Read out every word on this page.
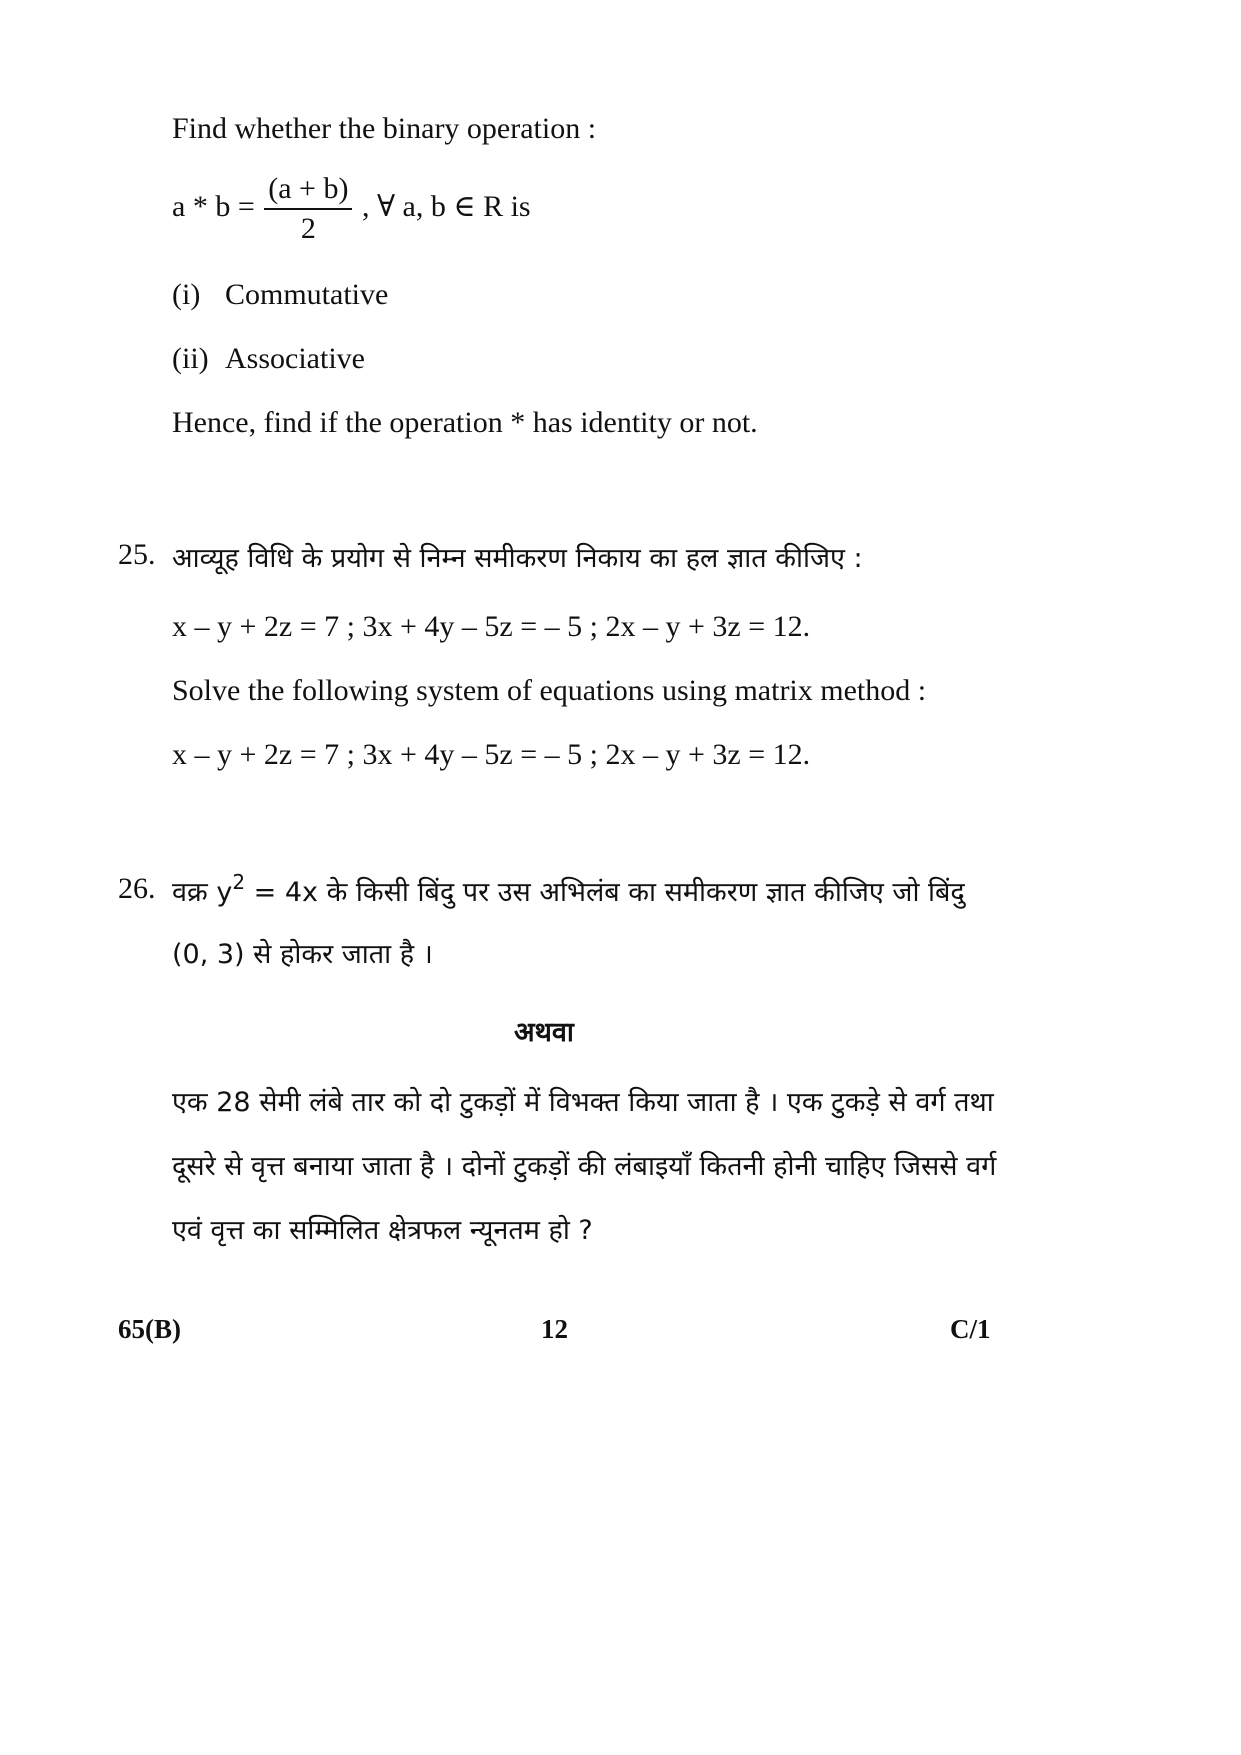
Find whether the binary operation :
$a * b = \frac{(a + b)}{2}$ , ∀ a, b ∈ R is
(i) Commutative
(ii) Associative
Hence, find if the operation * has identity or not.
25. आव्यूह विधि के प्रयोग से निम्न समीकरण निकाय का हल ज्ञात कीजिए :
x – y + 2z = 7 ; 3x + 4y – 5z = – 5 ; 2x – y + 3z = 12.
Solve the following system of equations using matrix method :
x – y + 2z = 7 ; 3x + 4y – 5z = – 5 ; 2x – y + 3z = 12.
26. वक्र $y^2 = 4x$ के किसी बिंदु पर उस अभिलंब का समीकरण ज्ञात कीजिए जो बिंदु
(0, 3) से होकर जाता है ।
अथवा
एक 28 सेमी लंबे तार को दो टुकड़ों में विभक्त किया जाता है । एक टुकड़े से वर्ग तथा
दूसरे से वृत्त बनाया जाता है । दोनों टुकड़ों की लंबाइयाँ कितनी होनी चाहिए जिससे वर्ग
एवं वृत्त का सम्मिलित क्षेत्रफल न्यूनतम हो ?
65(B)	12	C/1
